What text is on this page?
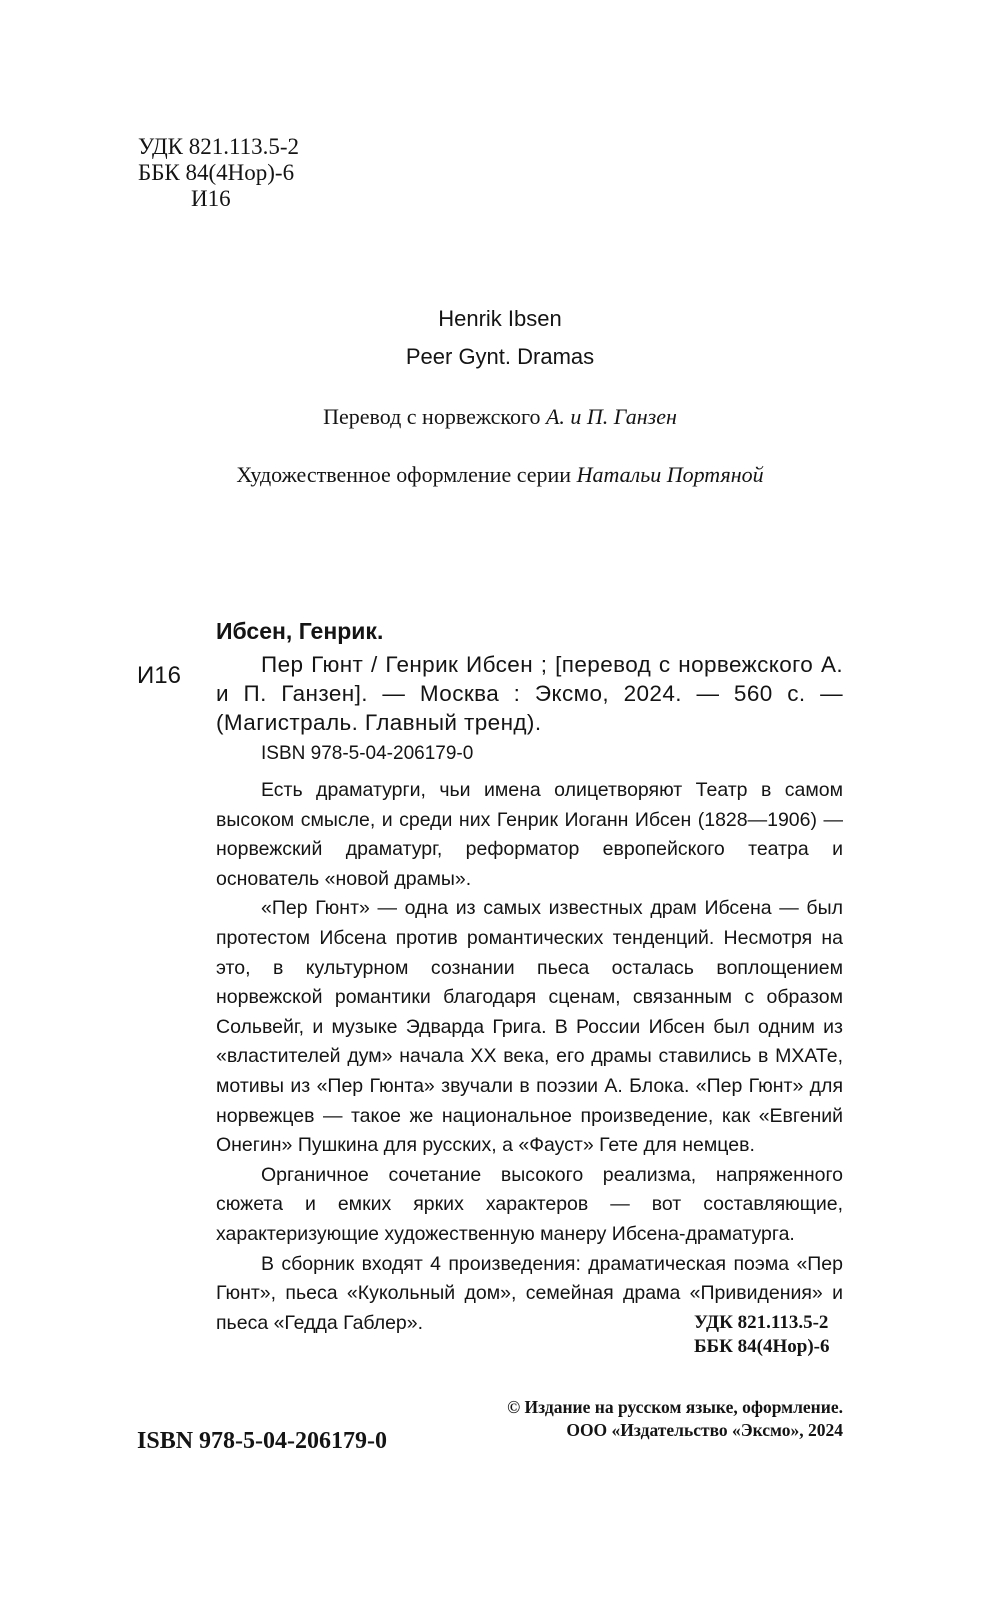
УДК 821.113.5-2
ББК 84(4Нор)-6
И16
Henrik Ibsen
Peer Gynt. Dramas
Перевод с норвежского А. и П. Ганзен
Художественное оформление серии Натальи Портяной
И16
Ибсен, Генрик.
Пер Гюнт / Генрик Ибсен ; [перевод с норвежского А. и П. Ганзен]. — Москва : Эксмо, 2024. — 560 с. — (Магистраль. Главный тренд).
ISBN 978-5-04-206179-0

Есть драматурги, чьи имена олицетворяют Театр в самом высоком смысле, и среди них Генрик Иоганн Ибсен (1828—1906) — норвежский драматург, реформатор европейского театра и основатель «новой драмы».

«Пер Гюнт» — одна из самых известных драм Ибсена — был протестом Ибсена против романтических тенденций. Несмотря на это, в культурном сознании пьеса осталась воплощением норвежской романтики благодаря сценам, связанным с образом Сольвейг, и музыке Эдварда Грига. В России Ибсен был одним из «властителей дум» начала XX века, его драмы ставились в МХАТе, мотивы из «Пер Гюнта» звучали в поэзии А. Блока. «Пер Гюнт» для норвежцев — такое же национальное произведение, как «Евгений Онегин» Пушкина для русских, а «Фауст» Гете для немцев.

Органичное сочетание высокого реализма, напряженного сюжета и емких ярких характеров — вот составляющие, характеризующие художественную манеру Ибсена-драматурга.

В сборник входят 4 произведения: драматическая поэма «Пер Гюнт», пьеса «Кукольный дом», семейная драма «Привидения» и пьеса «Гедда Габлер».	УДК 821.113.5-2
ББК 84(4Нор)-6
ISBN 978-5-04-206179-0
© Издание на русском языке, оформление.
ООО «Издательство «Эксмо», 2024
